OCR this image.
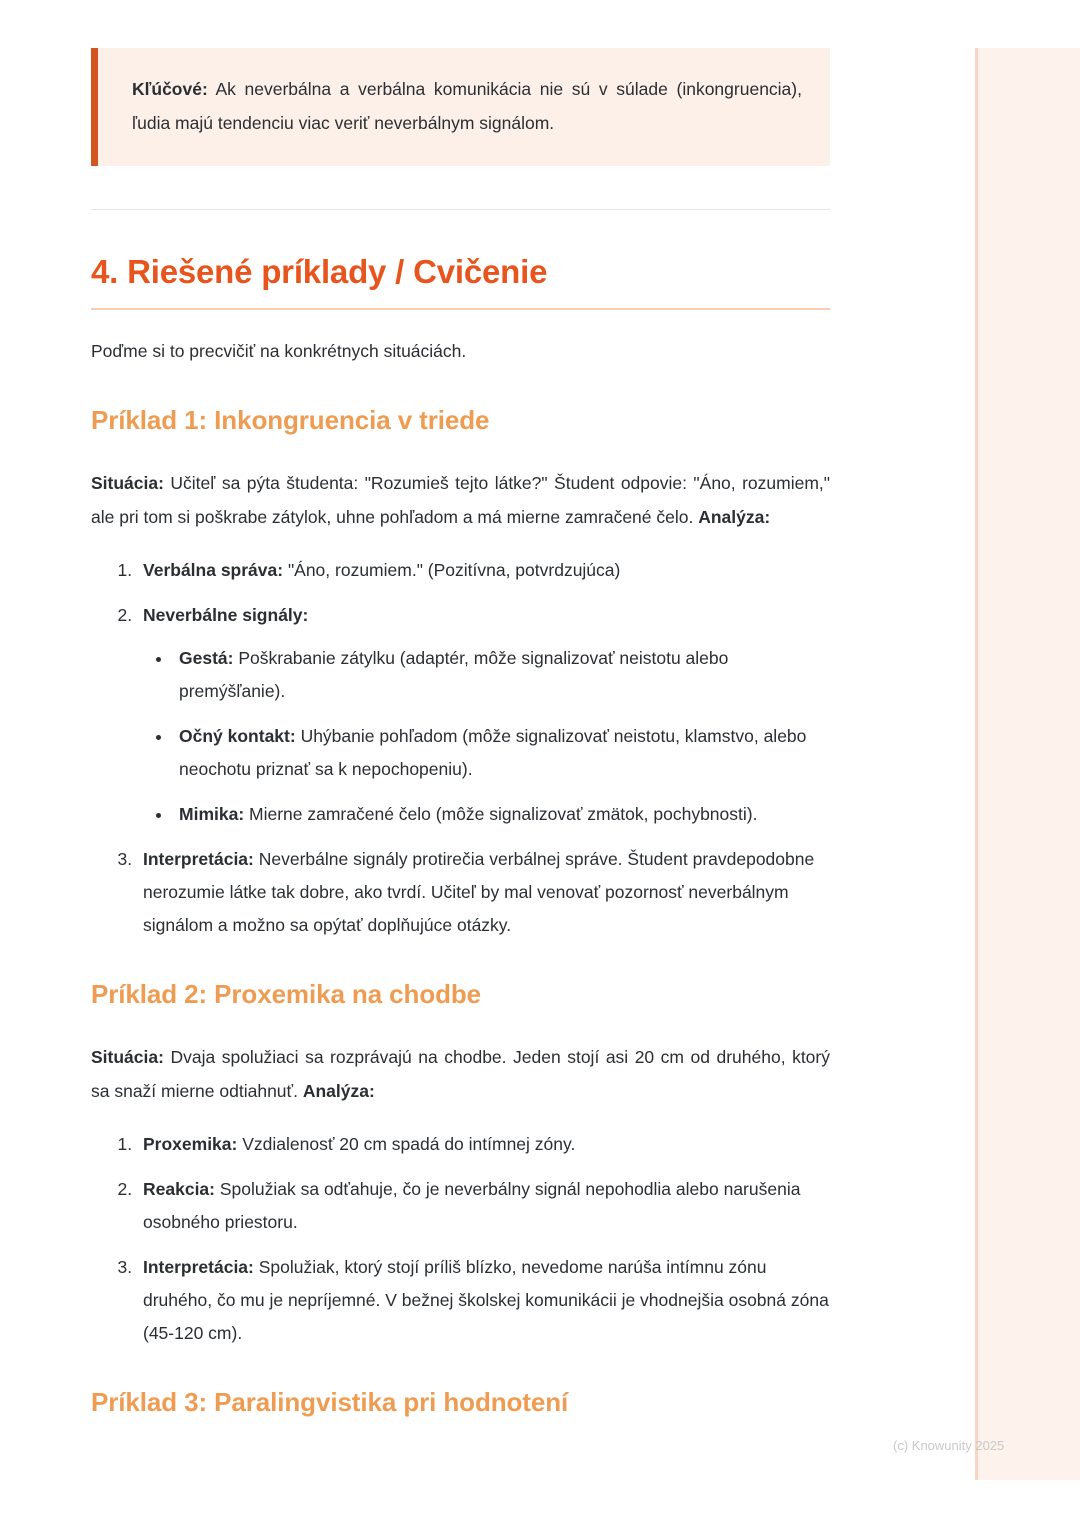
Kľúčové: Ak neverbálna a verbálna komunikácia nie sú v súlade (inkongruencia), ľudia majú tendenciu viac veriť neverbálnym signálom.

4. Riešené príklady / Cvičenie

Poďme si to precvičiť na konkrétnych situáciách.

Príklad 1: Inkongruencia v triede

Situácia: Učiteľ sa pýta študenta: "Rozumieš tejto látke?" Študent odpovie: "Áno, rozumiem," ale pri tom si poškrabe zátylok, uhne pohľadom a má mierne zamračené čelo. Analýza:

1. Verbálna správa: "Áno, rozumiem." (Pozitívna, potvrdzujúca)
2. Neverbálne signály:
• Gestá: Poškrabanie zátylku (adaptér, môže signalizovať neistotu alebo premýšľanie).
• Očný kontakt: Uhýbanie pohľadom (môže signalizovať neistotu, klamstvo, alebo neochotu priznať sa k nepochopeniu).
• Mimika: Mierne zamračené čelo (môže signalizovať zmätok, pochybnosti).
3. Interpretácia: Neverbálne signály protirečia verbálnej správe. Študent pravdepodobne nerozumie látke tak dobre, ako tvrdí. Učiteľ by mal venovať pozornosť neverbálnym signálom a možno sa opýtať doplňujúce otázky.
Príklad 2: Proxemika na chodbe

Situácia: Dvaja spolužiaci sa rozprávajú na chodbe. Jeden stojí asi 20 cm od druhého, ktorý sa snaží mierne odtiahnuť. Analýza:

1. Proxemika: Vzdialenosť 20 cm spadá do intímnej zóny.
2. Reakcia: Spolužiak sa odťahuje, čo je neverbálny signál nepohodlia alebo narušenia osobného priestoru.
3. Interpretácia: Spolužiak, ktorý stojí príliš blízko, nevedome narúša intímnu zónu druhého, čo mu je nepríjemné. V bežnej školskej komunikácii je vhodnejšia osobná zóna (45-120 cm).
Príklad 3: Paralingvistika pri hodnotení
(c) Knowunity 2025
